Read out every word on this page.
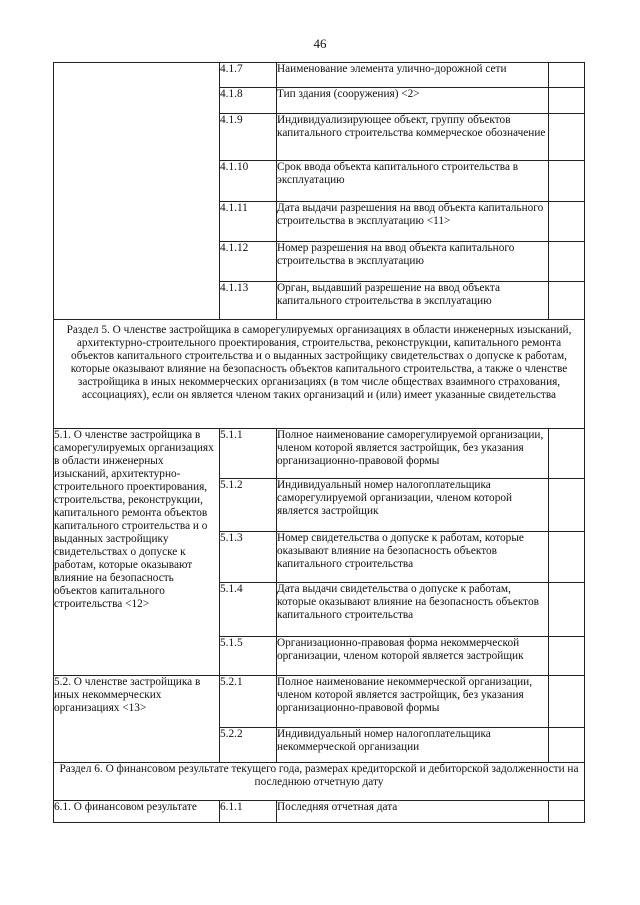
46
	4.1.7	Наименование элемента улично-дорожной сети	
	4.1.8	Тип здания (сооружения) <2>	
	4.1.9	Индивидуализирующее объект, группу объектов капитального строительства коммерческое обозначение	
	4.1.10	Срок ввода объекта капитального строительства в эксплуатацию	
	4.1.11	Дата выдачи разрешения на ввод объекта капитального строительства в эксплуатацию <11>	
	4.1.12	Номер разрешения на ввод объекта капитального строительства в эксплуатацию	
	4.1.13	Орган, выдавший разрешение на ввод объекта капитального строительства в эксплуатацию	
Раздел 5. О членстве застройщика в саморегулируемых организациях в области инженерных изысканий, архитектурно-строительного проектирования, строительства, реконструкции, капитального ремонта объектов капитального строительства и о выданных застройщику свидетельствах о допуске к работам, которые оказывают влияние на безопасность объектов капитального строительства, а также о членстве застройщика в иных некоммерческих организациях (в том числе обществах взаимного страхования, ассоциациях), если он является членом таких организаций и (или) имеет указанные свидетельства			
5.1. О членстве застройщика в саморегулируемых организациях в области инженерных изысканий, архитектурно-строительного проектирования, строительства, реконструкции, капитального ремонта объектов капитального строительства и о выданных застройщику свидетельствах о допуске к работам, которые оказывают влияние на безопасность объектов капитального строительства <12>	5.1.1	Полное наименование саморегулируемой организации, членом которой является застройщик, без указания организационно-правовой формы	
	5.1.2	Индивидуальный номер налогоплательщика саморегулируемой организации, членом которой является застройщик	
	5.1.3	Номер свидетельства о допуске к работам, которые оказывают влияние на безопасность объектов капитального строительства	
	5.1.4	Дата выдачи свидетельства о допуске к работам, которые оказывают влияние на безопасность объектов капитального строительства	
	5.1.5	Организационно-правовая форма некоммерческой организации, членом которой является застройщик	
5.2. О членстве застройщика в иных некоммерческих организациях <13>	5.2.1	Полное наименование некоммерческой организации, членом которой является застройщик, без указания организационно-правовой формы	
	5.2.2	Индивидуальный номер налогоплательщика некоммерческой организации	
Раздел 6. О финансовом результате текущего года, размерах кредиторской и дебиторской задолженности на последнюю отчетную дату			
6.1. О финансовом результате	6.1.1	Последняя отчетная дата	
